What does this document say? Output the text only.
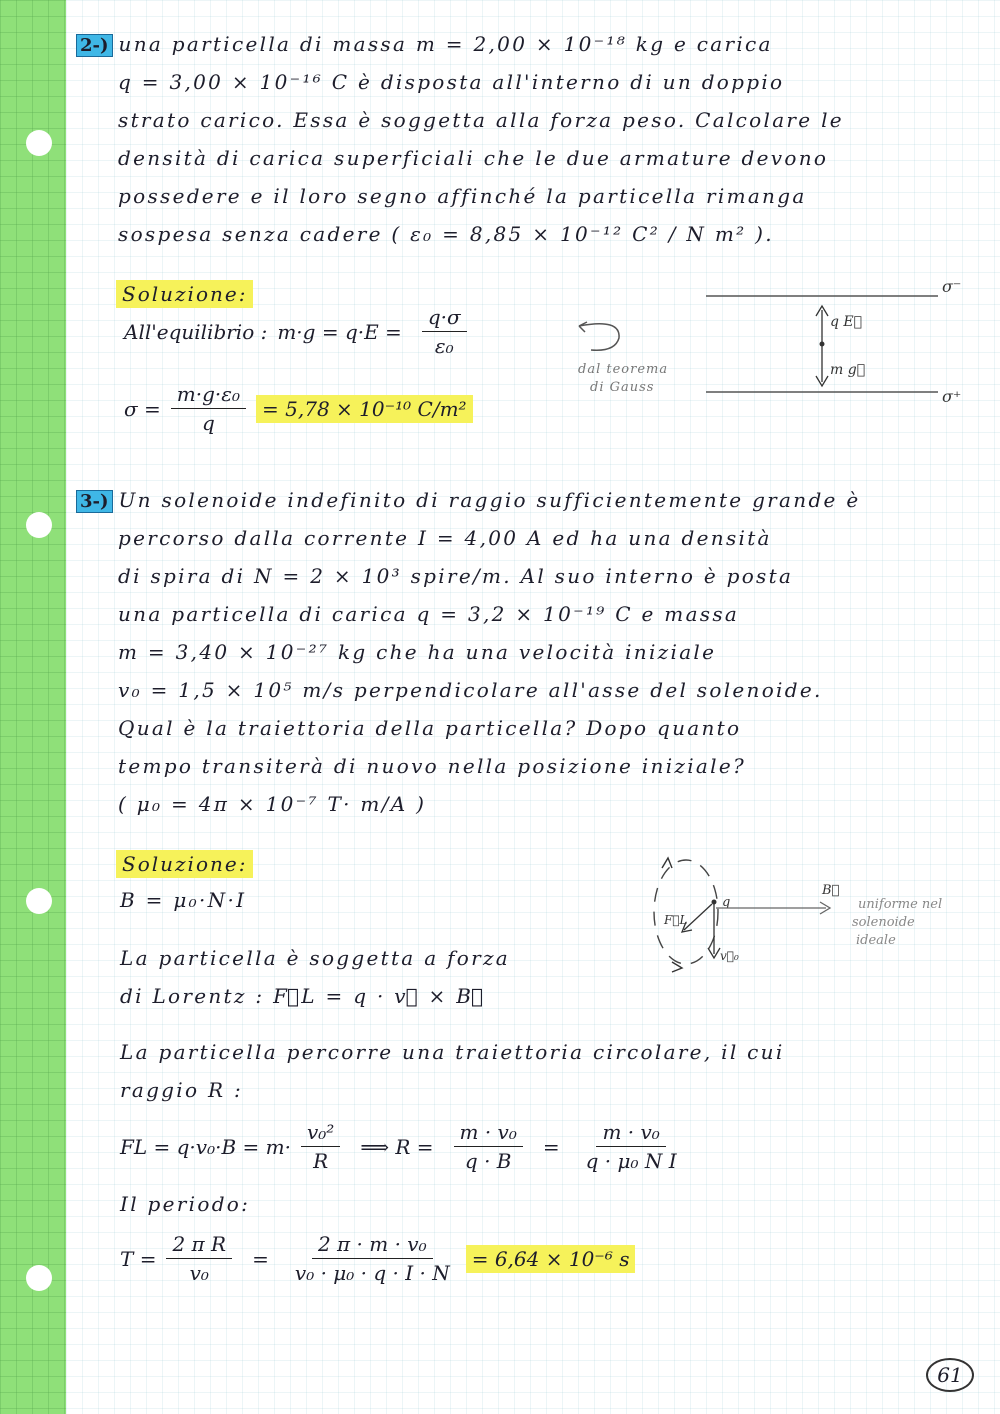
2-) una particella di massa m = 2,00 × 10⁻¹⁸ kg e carica
q = 3,00 × 10⁻¹⁶ C è disposta all'interno di un doppio
strato carico. Essa è soggetta alla forza peso. Calcolare le
densità di carica superficiali che le due armature devono
possedere e il loro segno affinché la particella rimanga
sospesa senza cadere ( ε₀ = 8,85 × 10⁻¹² C² / N m² ).
Soluzione:
All'equilibrio : $m\cdot g = q\cdot E = \frac{q\cdot\sigma}{\text{ε₀}}$
dal teorema
di Gauss
$\sigma = \frac{\text{m·g·ε₀}}{q} = 5,78 \times 10^{-10}$ C/m²
σ⁻
σ⁺
q E⃗
m g⃗
3-) Un solenoide indefinito di raggio sufficientemente grande è
percorso dalla corrente I = 4,00 A ed ha una densità
di spira di N = 2 × 10³ spire/m. Al suo interno è posta
una particella di carica q = 3,2 × 10⁻¹⁹ C e massa
m = 3,40 × 10⁻²⁷ kg che ha una velocità iniziale
v₀ = 1,5 × 10⁵ m/s perpendicolare all'asse del solenoide.
Qual è la traiettoria della particella? Dopo quanto
tempo transiterà di nuovo nella posizione iniziale?
( μ₀ = 4π × 10⁻⁷ T· m/A )
Soluzione:
B = μ₀·N·I
La particella è soggetta a forza
di Lorentz : F⃗L = q · v⃗ × B⃗
q
B⃗
v⃗₀
F⃗L
uniforme nel
solenoide
ideale
La particella percorre una traiettoria circolare, il cui
raggio R :
FL = $q\cdot v_0\cdot B = m\cdot \frac{\text{v₀²}}{R}$ ⟹ $R = \frac{\text{m · v₀}}{q \cdot B} = \frac{\text{m · v₀}}{\text{q · μ₀ N I}}$
Il periodo:
$T = \frac{\text{2 π R}}{\text{v₀}} = \frac{\text{2 π · m · v₀}}{\text{v₀ · μ₀ · q · I · N}} = 6,64 \times 10^{-6}$ s
61
